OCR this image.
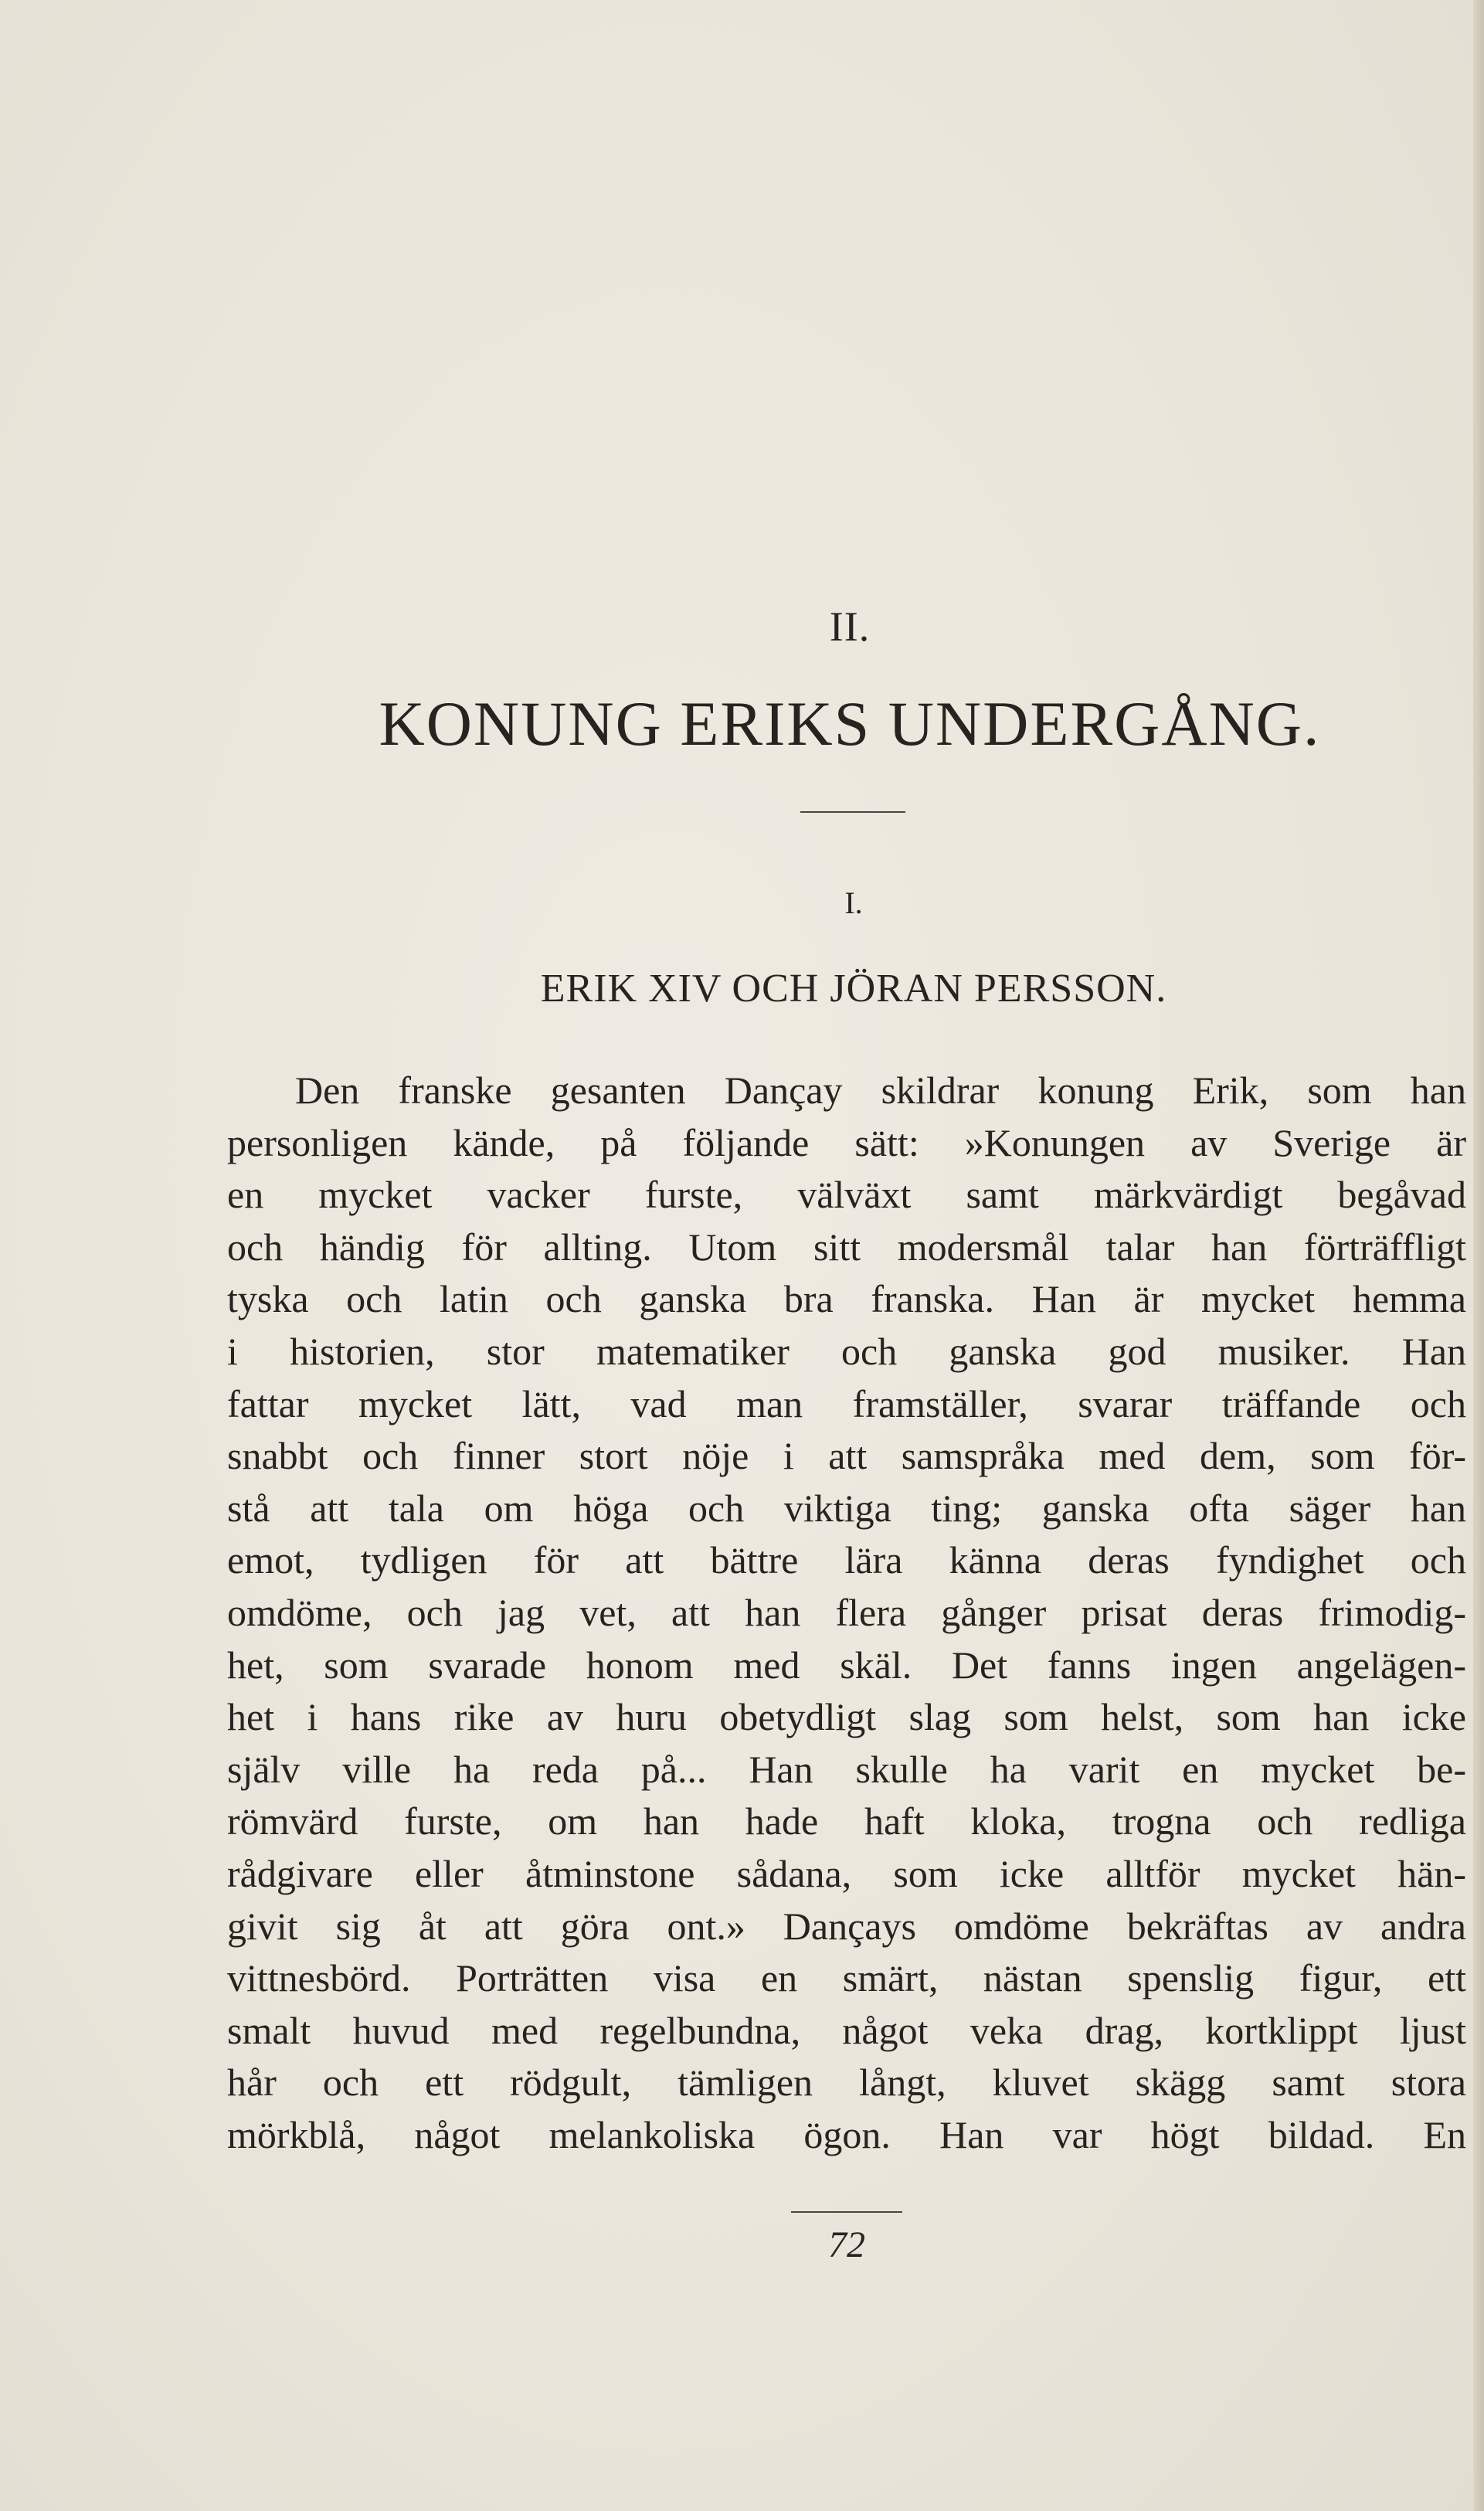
II.
KONUNG ERIKS UNDERGÅNG.
I.
ERIK XIV OCH JÖRAN PERSSON.
Den franske gesanten Dançay skildrar konung Erik, som han
personligen kände, på följande sätt: »Konungen av Sverige är
en mycket vacker furste, välväxt samt märkvärdigt begåvad
och händig för allting. Utom sitt modersmål talar han förträffligt
tyska och latin och ganska bra franska. Han är mycket hemma
i historien, stor matematiker och ganska god musiker. Han
fattar mycket lätt, vad man framställer, svarar träffande och
snabbt och finner stort nöje i att samspråka med dem, som för-
stå att tala om höga och viktiga ting; ganska ofta säger han
emot, tydligen för att bättre lära känna deras fyndighet och
omdöme, och jag vet, att han flera gånger prisat deras frimodig-
het, som svarade honom med skäl. Det fanns ingen angelägen-
het i hans rike av huru obetydligt slag som helst, som han icke
själv ville ha reda på... Han skulle ha varit en mycket be-
römvärd furste, om han hade haft kloka, trogna och redliga
rådgivare eller åtminstone sådana, som icke alltför mycket hän-
givit sig åt att göra ont.» Dançays omdöme bekräftas av andra
vittnesbörd. Porträtten visa en smärt, nästan spenslig figur, ett
smalt huvud med regelbundna, något veka drag, kortklippt ljust
hår och ett rödgult, tämligen långt, kluvet skägg samt stora
mörkblå, något melankoliska ögon. Han var högt bildad. En
72
